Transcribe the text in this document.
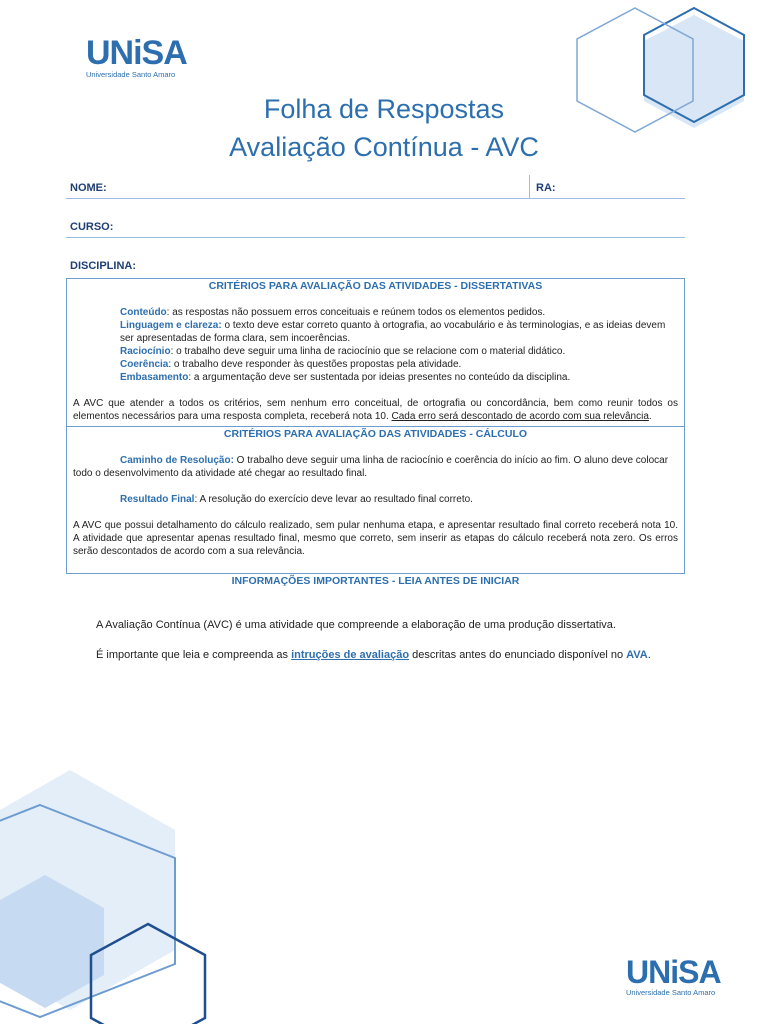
UNiSA
Universidade Santo Amaro
Folha de Respostas
Avaliação Contínua - AVC
NOME:	RA:
CURSO:
DISCIPLINA:
CRITÉRIOS PARA AVALIAÇÃO DAS ATIVIDADES - DISSERTATIVAS
Conteúdo: as respostas não possuem erros conceituais e reúnem todos os elementos pedidos.
Linguagem e clareza: o texto deve estar correto quanto à ortografia, ao vocabulário e às terminologias, e as ideias devem ser apresentadas de forma clara, sem incoerências.
Raciocínio: o trabalho deve seguir uma linha de raciocínio que se relacione com o material didático.
Coerência: o trabalho deve responder às questões propostas pela atividade.
Embasamento: a argumentação deve ser sustentada por ideias presentes no conteúdo da disciplina.
A AVC que atender a todos os critérios, sem nenhum erro conceitual, de ortografia ou concordância, bem como reunir todos os elementos necessários para uma resposta completa, receberá nota 10. Cada erro será descontado de acordo com sua relevância.
CRITÉRIOS PARA AVALIAÇÃO DAS ATIVIDADES - CÁLCULO
Caminho de Resolução: O trabalho deve seguir uma linha de raciocínio e coerência do início ao fim. O aluno deve colocar todo o desenvolvimento da atividade até chegar ao resultado final.
Resultado Final: A resolução do exercício deve levar ao resultado final correto.
A AVC que possui detalhamento do cálculo realizado, sem pular nenhuma etapa, e apresentar resultado final correto receberá nota 10. A atividade que apresentar apenas resultado final, mesmo que correto, sem inserir as etapas do cálculo receberá nota zero. Os erros serão descontados de acordo com a sua relevância.
INFORMAÇÕES IMPORTANTES - LEIA ANTES DE INICIAR
A Avaliação Contínua (AVC) é uma atividade que compreende a elaboração de uma produção dissertativa.
É importante que leia e compreenda as intruções de avaliação descritas antes do enunciado disponível no AVA.
UNiSA
Universidade Santo Amaro
